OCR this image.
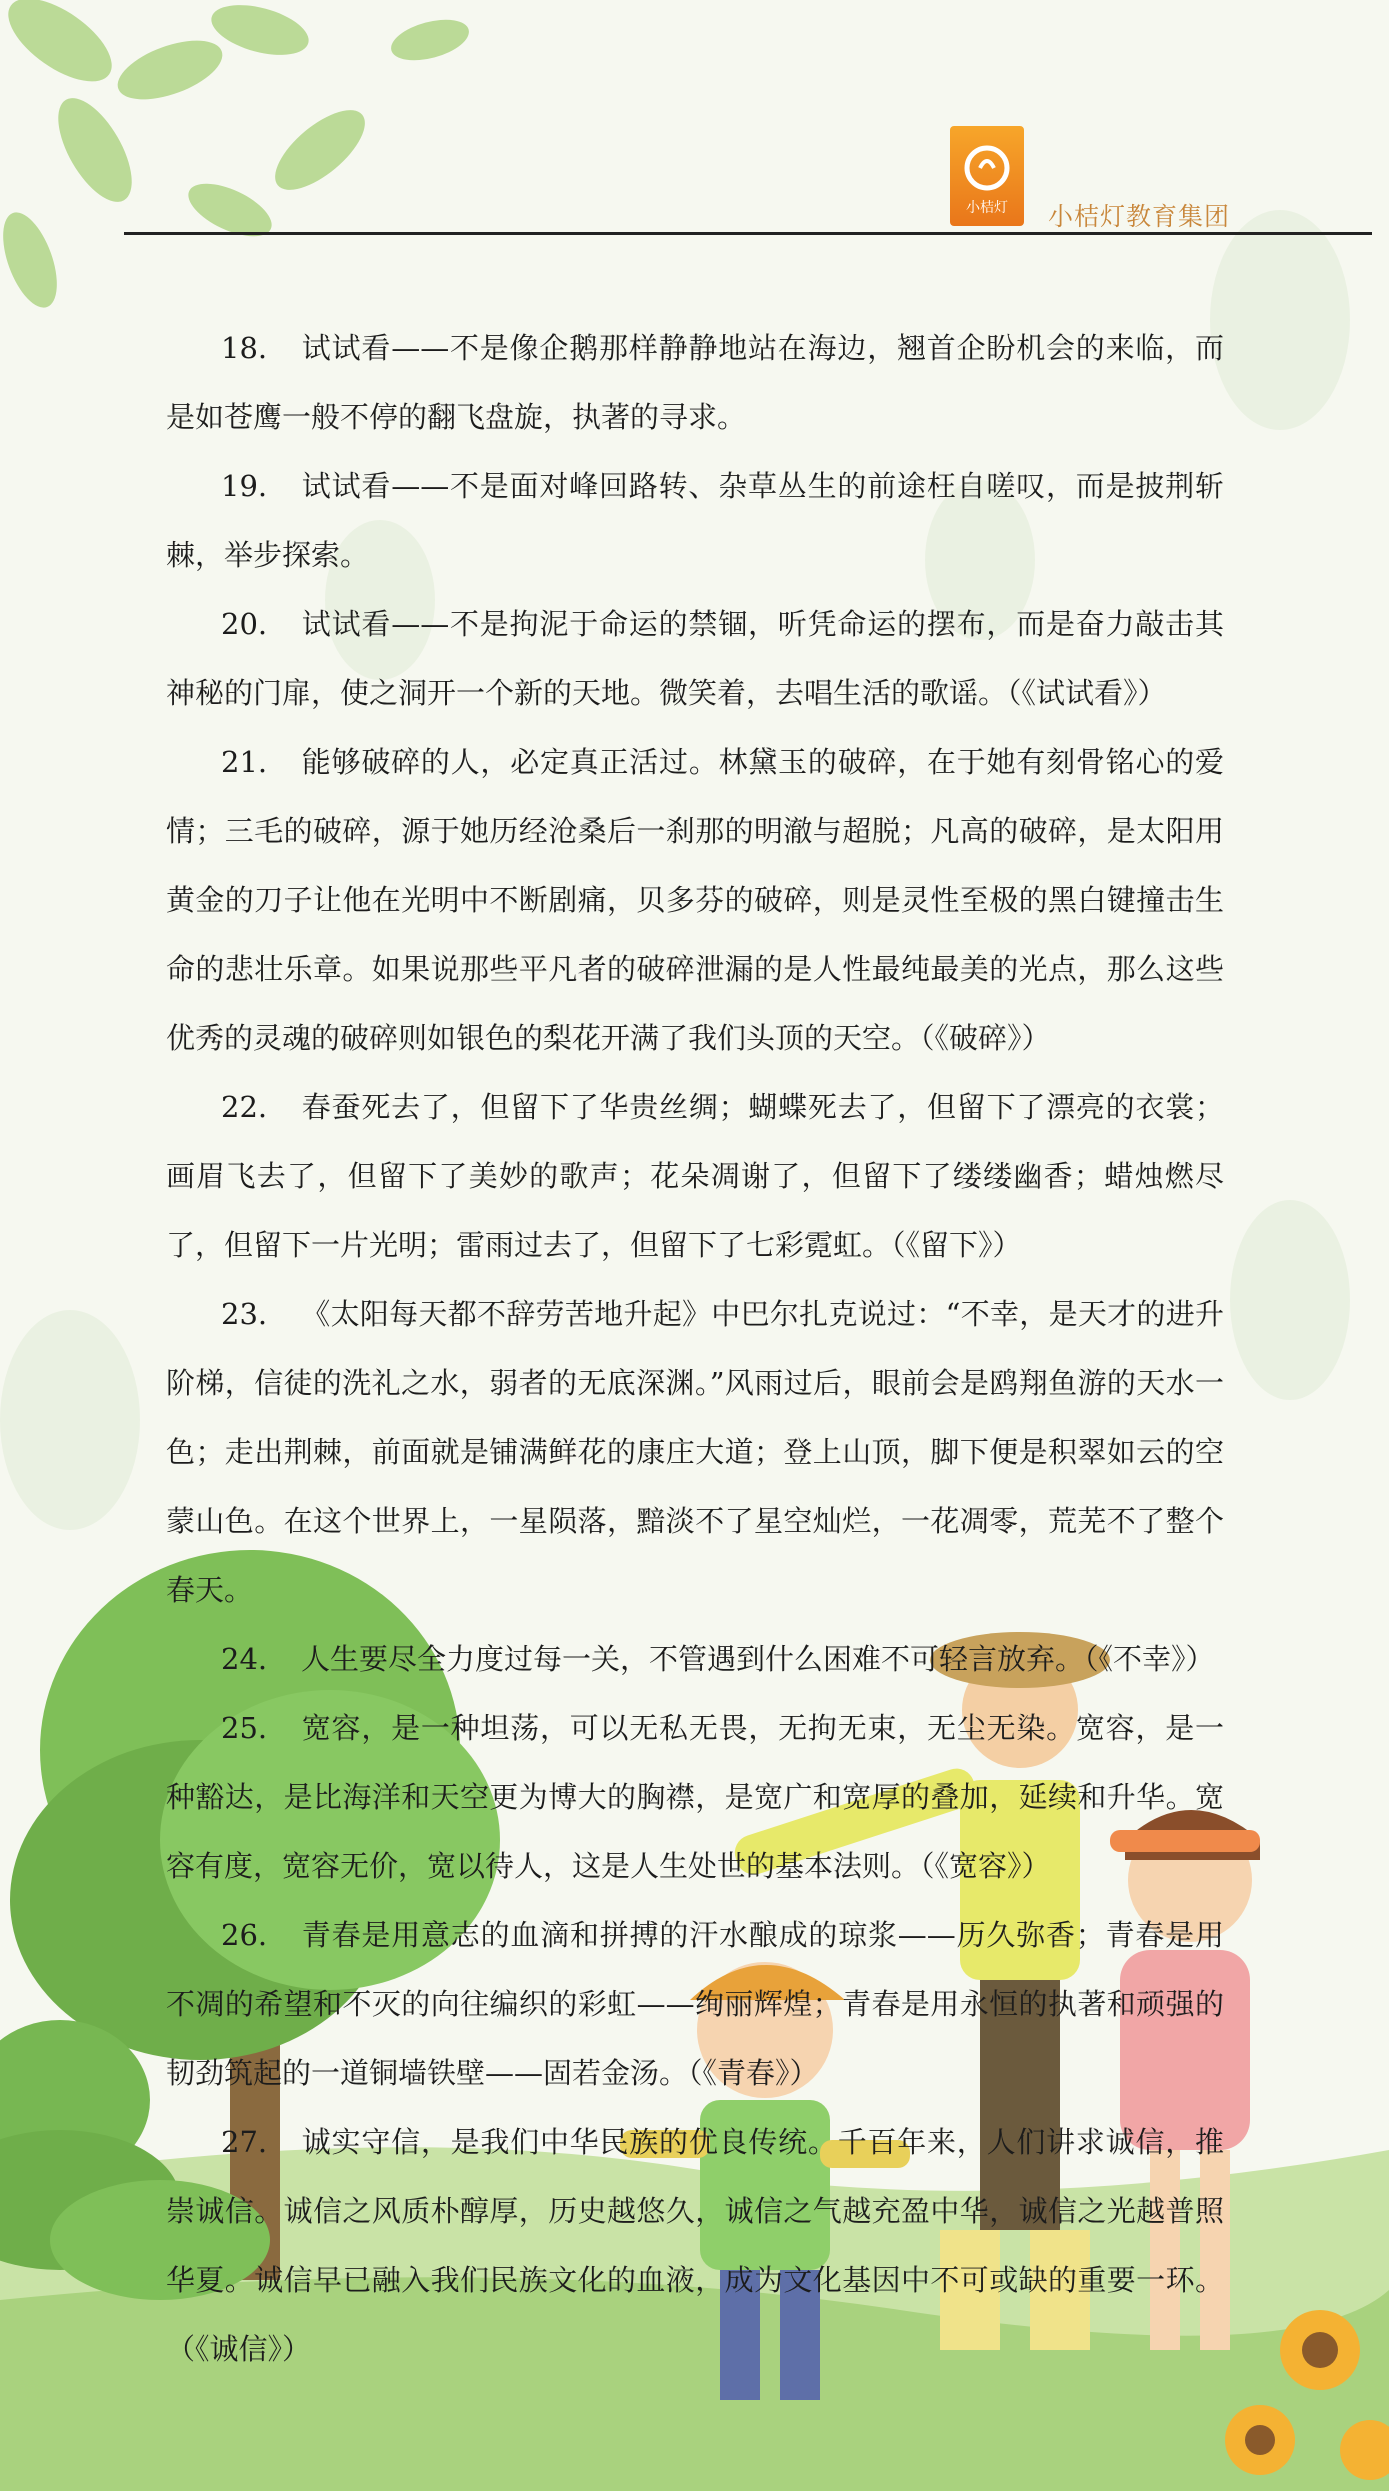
小桔灯 小桔灯教育集团

18. 试试看——不是像企鹅那样静静地站在海边，翘首企盼机会的来临，而是如苍鹰一般不停的翻飞盘旋，执著的寻求。

19. 试试看——不是面对峰回路转、杂草丛生的前途枉自嗟叹，而是披荆斩棘，举步探索。

20. 试试看——不是拘泥于命运的禁锢，听凭命运的摆布，而是奋力敲击其神秘的门扉，使之洞开一个新的天地。微笑着，去唱生活的歌谣。（《试试看》）

21. 能够破碎的人，必定真正活过。林黛玉的破碎，在于她有刻骨铭心的爱情；三毛的破碎，源于她历经沧桑后一刹那的明澈与超脱；凡高的破碎，是太阳用黄金的刀子让他在光明中不断剧痛，贝多芬的破碎，则是灵性至极的黑白键撞击生命的悲壮乐章。如果说那些平凡者的破碎泄漏的是人性最纯最美的光点，那么这些优秀的灵魂的破碎则如银色的梨花开满了我们头顶的天空。（《破碎》）

22. 春蚕死去了，但留下了华贵丝绸；蝴蝶死去了，但留下了漂亮的衣裳；画眉飞去了，但留下了美妙的歌声；花朵凋谢了，但留下了缕缕幽香；蜡烛燃尽了，但留下一片光明；雷雨过去了，但留下了七彩霓虹。（《留下》）

23. 《太阳每天都不辞劳苦地升起》中巴尔扎克说过：“不幸，是天才的进升阶梯，信徒的洗礼之水，弱者的无底深渊。”风雨过后，眼前会是鸥翔鱼游的天水一色；走出荆棘，前面就是铺满鲜花的康庄大道；登上山顶，脚下便是积翠如云的空蒙山色。在这个世界上，一星陨落，黯淡不了星空灿烂，一花凋零，荒芜不了整个春天。

24. 人生要尽全力度过每一关，不管遇到什么困难不可轻言放弃。（《不幸》）

25. 宽容，是一种坦荡，可以无私无畏，无拘无束，无尘无染。宽容，是一种豁达，是比海洋和天空更为博大的胸襟，是宽广和宽厚的叠加，延续和升华。宽容有度，宽容无价，宽以待人，这是人生处世的基本法则。（《宽容》）

26. 青春是用意志的血滴和拼搏的汗水酿成的琼浆——历久弥香；青春是用不凋的希望和不灭的向往编织的彩虹——绚丽辉煌；青春是用永恒的执著和顽强的韧劲筑起的一道铜墙铁壁——固若金汤。（《青春》）

27. 诚实守信，是我们中华民族的优良传统。千百年来，人们讲求诚信，推崇诚信。诚信之风质朴醇厚，历史越悠久，诚信之气越充盈中华，诚信之光越普照华夏。诚信早已融入我们民族文化的血液，成为文化基因中不可或缺的重要一环。（《诚信》）
